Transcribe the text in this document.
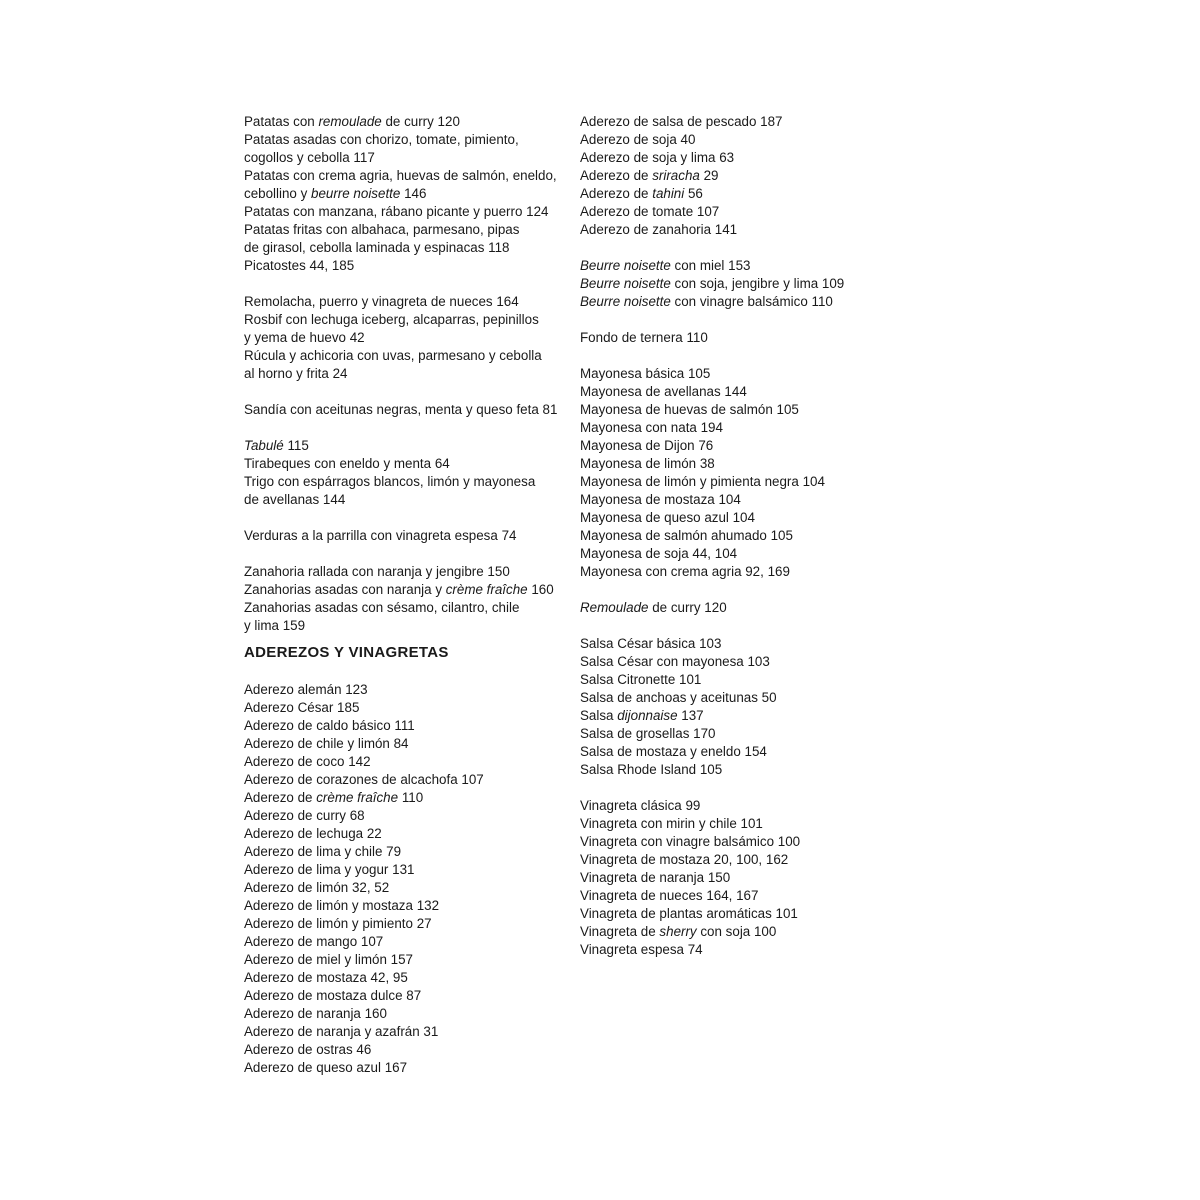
Patatas con remoulade de curry 120
Patatas asadas con chorizo, tomate, pimiento,
cogollos y cebolla 117
Patatas con crema agria, huevas de salmón, eneldo,
cebollino y beurre noisette 146
Patatas con manzana, rábano picante y puerro 124
Patatas fritas con albahaca, parmesano, pipas
de girasol, cebolla laminada y espinacas 118
Picatostes 44, 185
Remolacha, puerro y vinagreta de nueces 164
Rosbif con lechuga iceberg, alcaparras, pepinillos
y yema de huevo 42
Rúcula y achicoria con uvas, parmesano y cebolla
al horno y frita 24
Sandía con aceitunas negras, menta y queso feta 81
Tabulé 115
Tirabeques con eneldo y menta 64
Trigo con espárragos blancos, limón y mayonesa
de avellanas 144
Verduras a la parrilla con vinagreta espesa 74
Zanahoria rallada con naranja y jengibre 150
Zanahorias asadas con naranja y crème fraîche 160
Zanahorias asadas con sésamo, cilantro, chile
y lima 159
ADEREZOS Y VINAGRETAS
Aderezo alemán 123
Aderezo César 185
Aderezo de caldo básico 111
Aderezo de chile y limón 84
Aderezo de coco 142
Aderezo de corazones de alcachofa 107
Aderezo de crème fraîche 110
Aderezo de curry 68
Aderezo de lechuga 22
Aderezo de lima y chile 79
Aderezo de lima y yogur 131
Aderezo de limón 32, 52
Aderezo de limón y mostaza 132
Aderezo de limón y pimiento 27
Aderezo de mango 107
Aderezo de miel y limón 157
Aderezo de mostaza 42, 95
Aderezo de mostaza dulce 87
Aderezo de naranja 160
Aderezo de naranja y azafrán 31
Aderezo de ostras 46
Aderezo de queso azul 167
Aderezo de salsa de pescado 187
Aderezo de soja 40
Aderezo de soja y lima 63
Aderezo de sriracha 29
Aderezo de tahini 56
Aderezo de tomate 107
Aderezo de zanahoria 141
Beurre noisette con miel 153
Beurre noisette con soja, jengibre y lima 109
Beurre noisette con vinagre balsámico 110
Fondo de ternera 110
Mayonesa básica 105
Mayonesa de avellanas 144
Mayonesa de huevas de salmón 105
Mayonesa con nata 194
Mayonesa de Dijon 76
Mayonesa de limón 38
Mayonesa de limón y pimienta negra 104
Mayonesa de mostaza 104
Mayonesa de queso azul 104
Mayonesa de salmón ahumado 105
Mayonesa de soja 44, 104
Mayonesa con crema agria 92, 169
Remoulade de curry 120
Salsa César básica 103
Salsa César con mayonesa 103
Salsa Citronette 101
Salsa de anchoas y aceitunas 50
Salsa dijonnaise 137
Salsa de grosellas 170
Salsa de mostaza y eneldo 154
Salsa Rhode Island 105
Vinagreta clásica 99
Vinagreta con mirin y chile 101
Vinagreta con vinagre balsámico 100
Vinagreta de mostaza 20, 100, 162
Vinagreta de naranja 150
Vinagreta de nueces 164, 167
Vinagreta de plantas aromáticas 101
Vinagreta de sherry con soja 100
Vinagreta espesa 74
